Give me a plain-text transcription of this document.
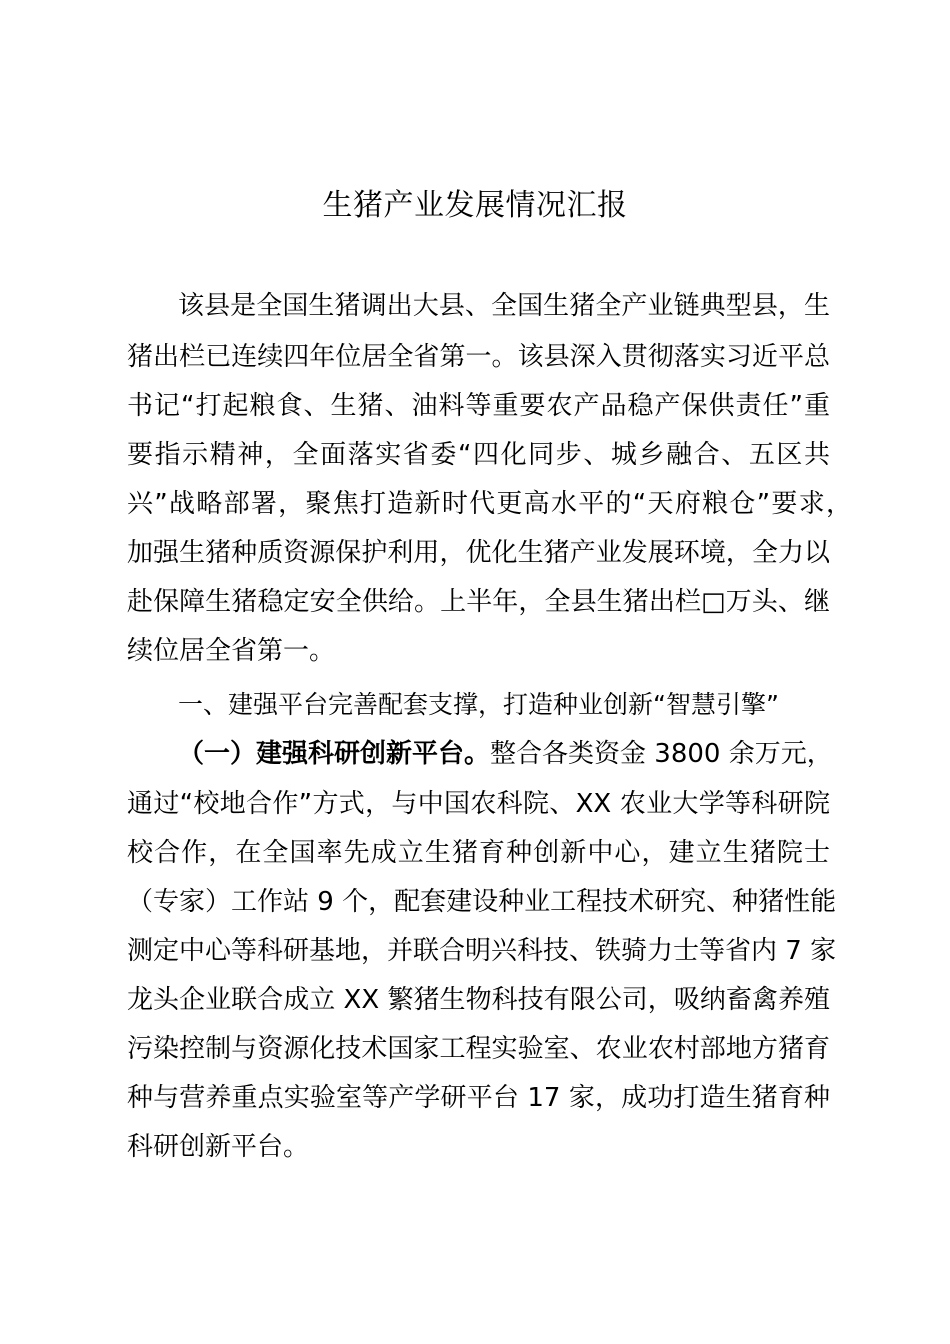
生猪产业发展情况汇报
该县是全国生猪调出大县、全国生猪全产业链典型县，生
猪出栏已连续四年位居全省第一。该县深入贯彻落实习近平总
书记“打起粮食、生猪、油料等重要农产品稳产保供责任”重
要指示精神，全面落实省委“四化同步、城乡融合、五区共
兴”战略部署，聚焦打造新时代更高水平的“天府粮仓”要求，
加强生猪种质资源保护利用，优化生猪产业发展环境，全力以
赴保障生猪稳定安全供给。上半年，全县生猪出栏□万头、继
续位居全省第一。
一、建强平台完善配套支撑，打造种业创新“智慧引擎”
（一）建强科研创新平台。 整合各类资金 3800 余万元，
通过“校地合作”方式，与中国农科院、XX 农业大学等科研院
校合作，在全国率先成立生猪育种创新中心，建立生猪院士
（专家）工作站 9 个，配套建设种业工程技术研究、种猪性能
测定中心等科研基地，并联合明兴科技、铁骑力士等省内 7 家
龙头企业联合成立 XX 繁猪生物科技有限公司，吸纳畜禽养殖
污染控制与资源化技术国家工程实验室、农业农村部地方猪育
种与营养重点实验室等产学研平台 17 家，成功打造生猪育种
科研创新平台。
